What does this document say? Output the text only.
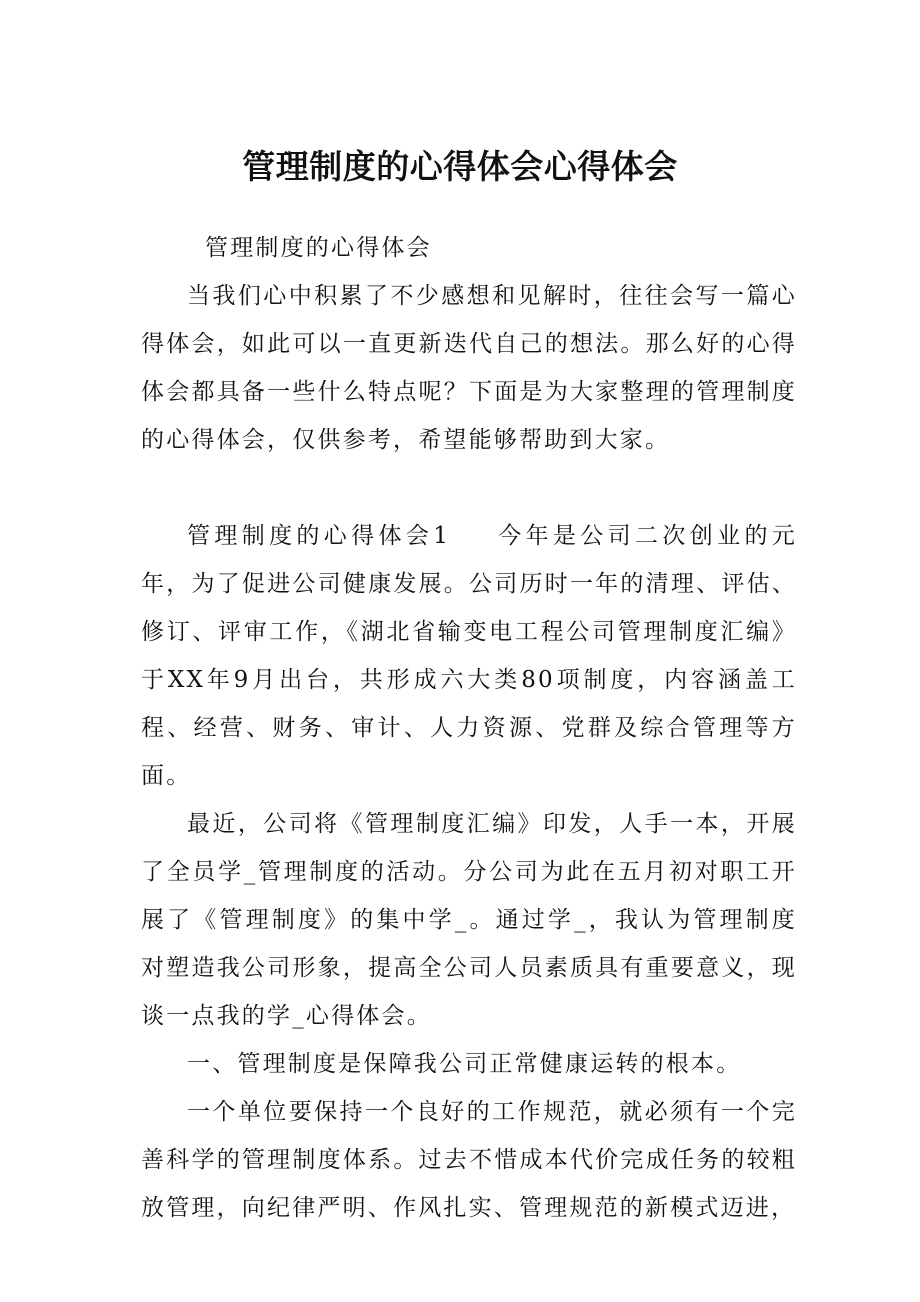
管理制度的心得体会心得体会

管理制度的心得体会

当我们心中积累了不少感想和见解时，往往会写一篇心得体会，如此可以一直更新迭代自己的想法。那么好的心得体会都具备一些什么特点呢？下面是为大家整理的管理制度的心得体会，仅供参考，希望能够帮助到大家。

管理制度的心得体会1 今年是公司二次创业的元年，为了促进公司健康发展。公司历时一年的清理、评估、修订、评审工作，《湖北省输变电工程公司管理制度汇编》于XX年9月出台，共形成六大类80项制度，内容涵盖工程、经营、财务、审计、人力资源、党群及综合管理等方面。

最近，公司将《管理制度汇编》印发，人手一本，开展了全员学_管理制度的活动。分公司为此在五月初对职工开展了《管理制度》的集中学_。通过学_，我认为管理制度对塑造我公司形象，提高全公司人员素质具有重要意义，现谈一点我的学_心得体会。

一、管理制度是保障我公司正常健康运转的根本。

一个单位要保持一个良好的工作规范，就必须有一个完善科学的管理制度体系。过去不惜成本代价完成任务的较粗放管理，向纪律严明、作风扎实、管理规范的新模式迈进，
